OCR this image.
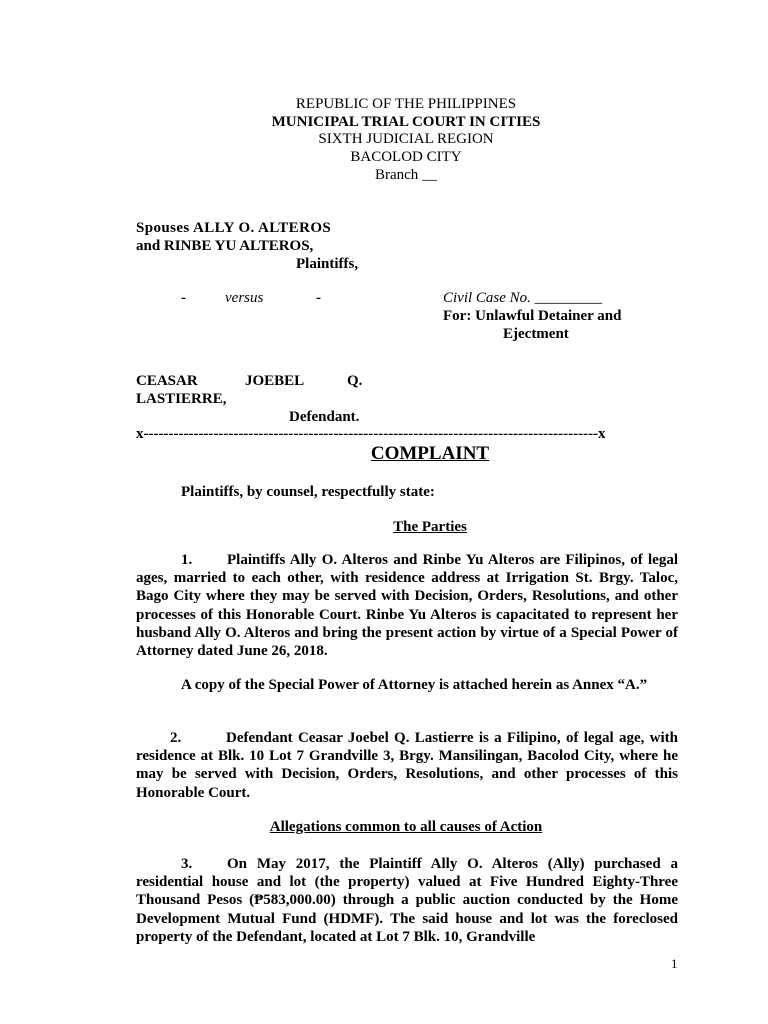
REPUBLIC OF THE PHILIPPINES
MUNICIPAL TRIAL COURT IN CITIES
SIXTH JUDICIAL REGION
BACOLOD CITY
Branch __
Spouses ALLY O. ALTEROS
and RINBE YU ALTEROS,
Plaintiffs,
-	versus	-	Civil Case No. _________
For: Unlawful Detainer and
Ejectment
CEASAR	JOEBEL	Q.
LASTIERRE,
Defendant.
x-------------------------------------------------------------------------------------------x
COMPLAINT
Plaintiffs, by counsel, respectfully state:
The Parties
1. Plaintiffs Ally O. Alteros and Rinbe Yu Alteros are Filipinos, of legal ages, married to each other, with residence address at Irrigation St. Brgy. Taloc, Bago City where they may be served with Decision, Orders, Resolutions, and other processes of this Honorable Court. Rinbe Yu Alteros is capacitated to represent her husband Ally O. Alteros and bring the present action by virtue of a Special Power of Attorney dated June 26, 2018.
A copy of the Special Power of Attorney is attached herein as Annex “A.”
2.	Defendant Ceasar Joebel Q. Lastierre is a Filipino, of legal age, with residence at Blk. 10 Lot 7 Grandville 3, Brgy. Mansilingan, Bacolod City, where he may be served with Decision, Orders, Resolutions, and other processes of this Honorable Court.
Allegations common to all causes of Action
3. On May 2017, the Plaintiff Ally O. Alteros (Ally) purchased a residential house and lot (the property) valued at Five Hundred Eighty-Three Thousand Pesos (₱583,000.00) through a public auction conducted by the Home Development Mutual Fund (HDMF). The said house and lot was the foreclosed property of the Defendant, located at Lot 7 Blk. 10, Grandville
1
